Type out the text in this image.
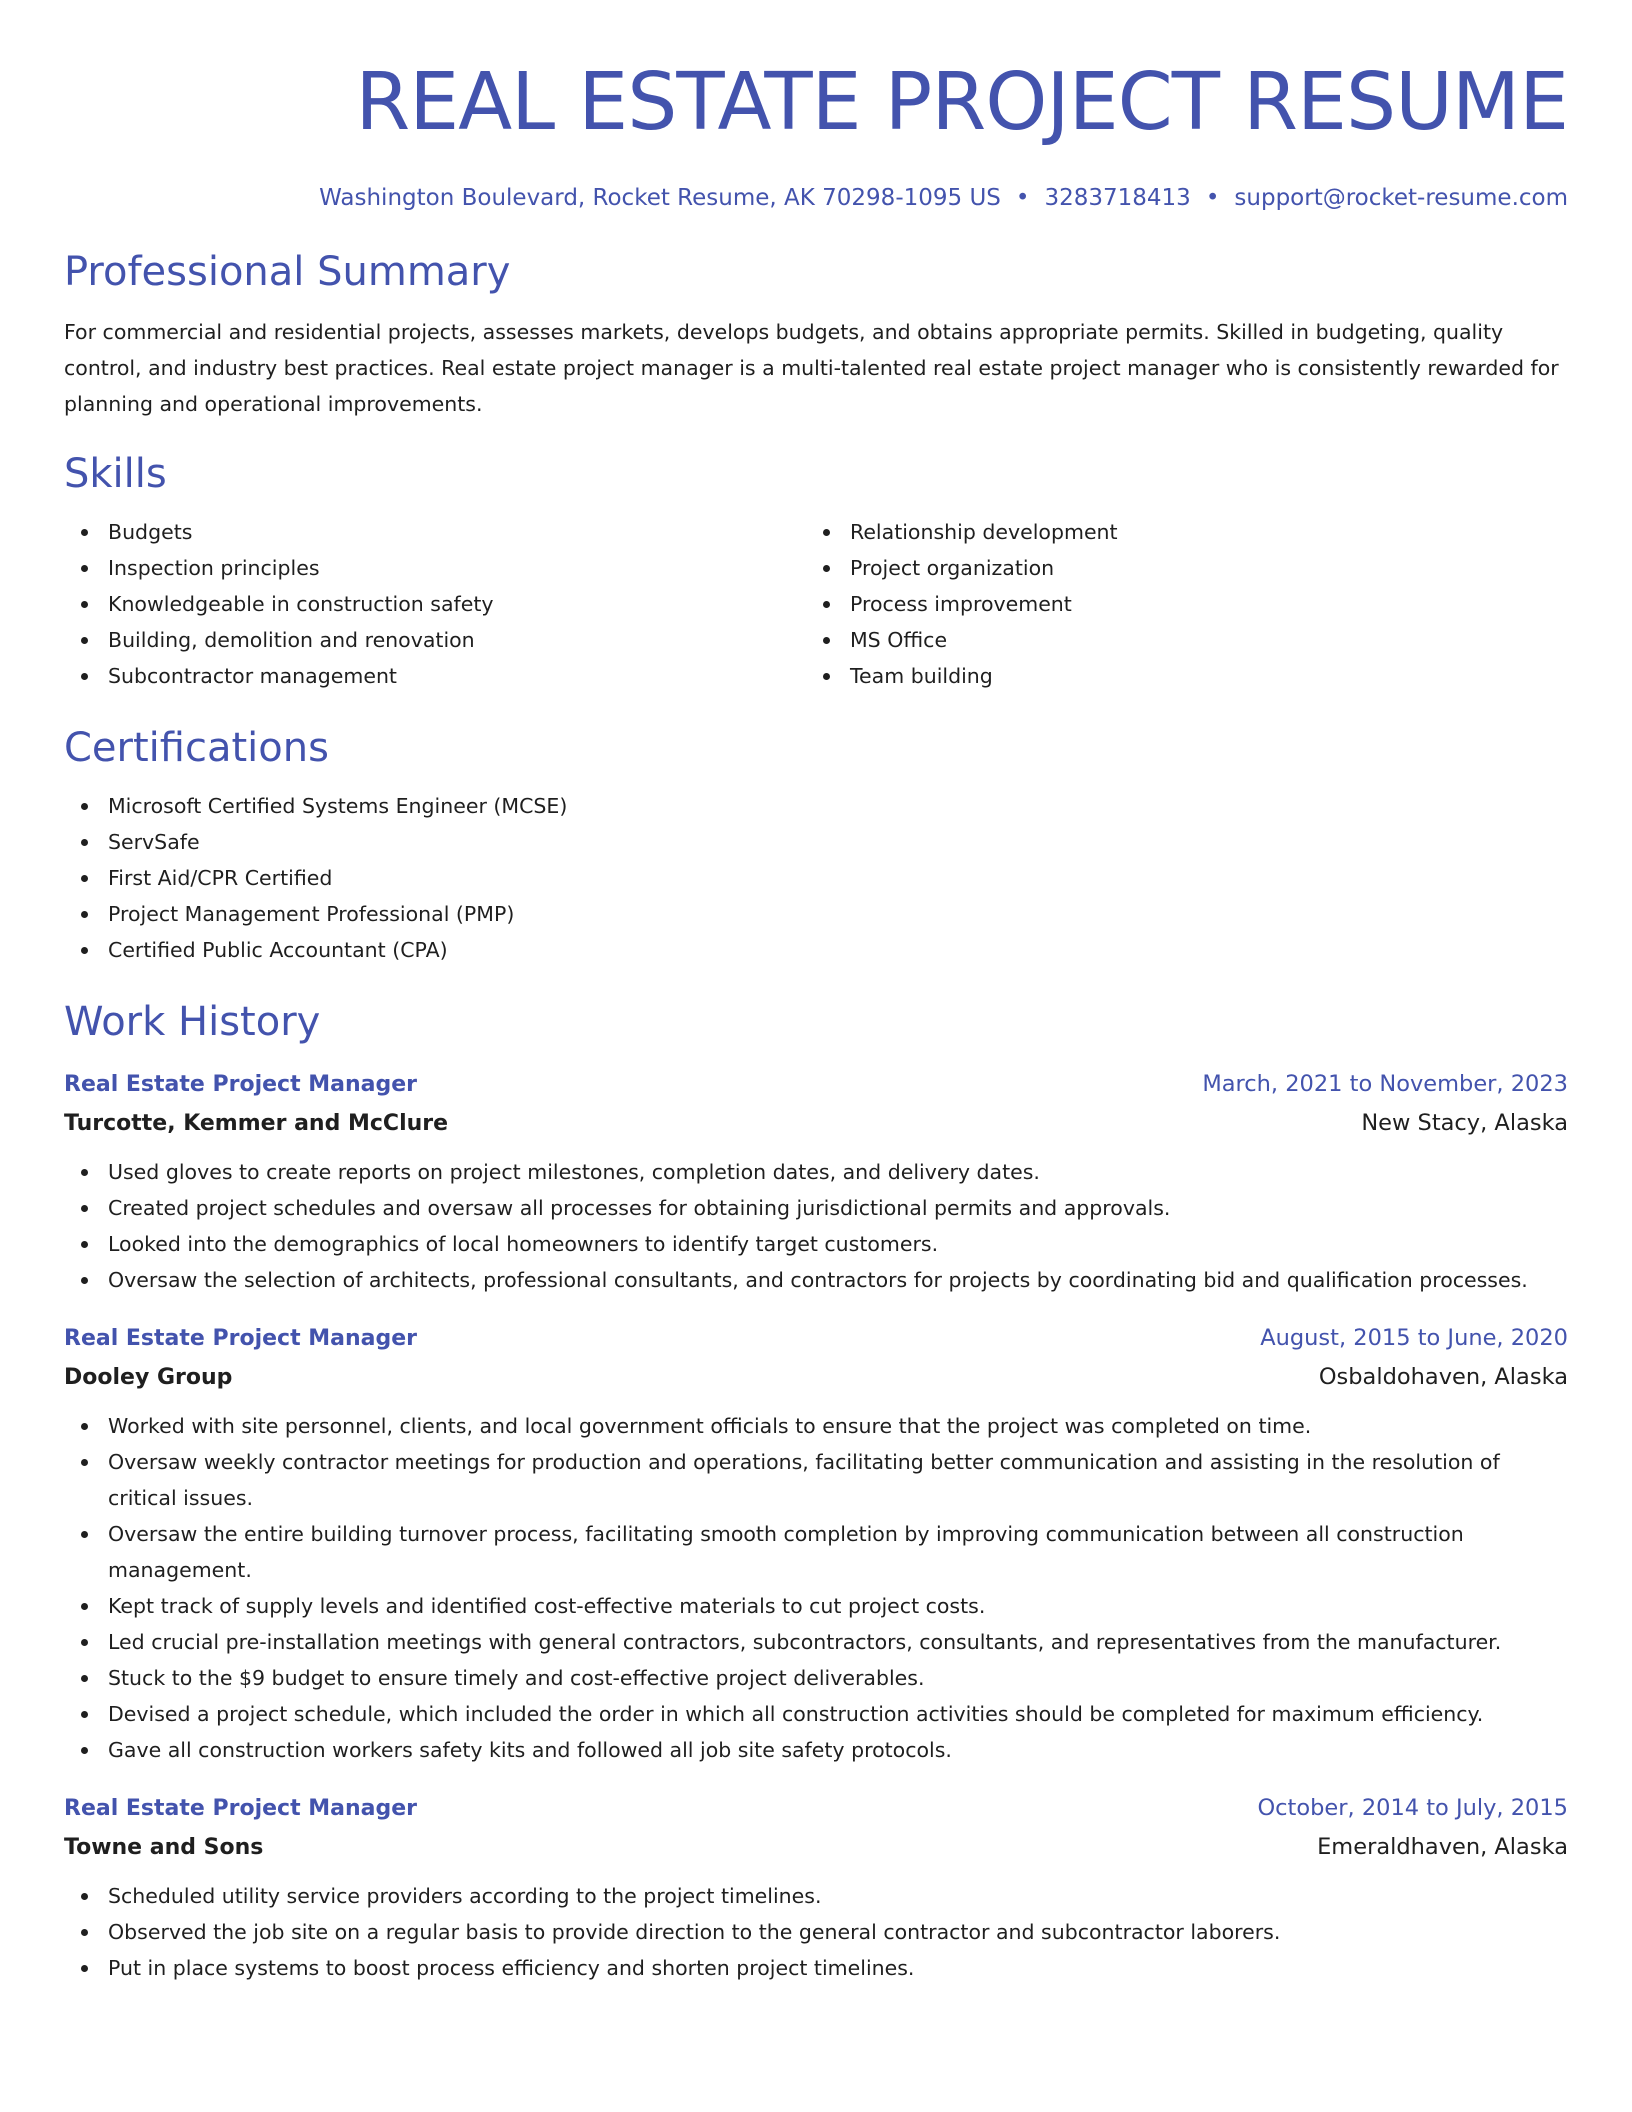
REAL ESTATE PROJECT RESUME
Washington Boulevard, Rocket Resume, AK 70298-1095 US • 3283718413 • support@rocket-resume.com
Professional Summary
For commercial and residential projects, assesses markets, develops budgets, and obtains appropriate permits. Skilled in budgeting, quality control, and industry best practices. Real estate project manager is a multi-talented real estate project manager who is consistently rewarded for planning and operational improvements.
Skills
Budgets
Inspection principles
Knowledgeable in construction safety
Building, demolition and renovation
Subcontractor management
Relationship development
Project organization
Process improvement
MS Office
Team building
Certifications
Microsoft Certified Systems Engineer (MCSE)
ServSafe
First Aid/CPR Certified
Project Management Professional (PMP)
Certified Public Accountant (CPA)
Work History
Real Estate Project Manager	March, 2021 to November, 2023
Turcotte, Kemmer and McClure	New Stacy, Alaska
Used gloves to create reports on project milestones, completion dates, and delivery dates.
Created project schedules and oversaw all processes for obtaining jurisdictional permits and approvals.
Looked into the demographics of local homeowners to identify target customers.
Oversaw the selection of architects, professional consultants, and contractors for projects by coordinating bid and qualification processes.
Real Estate Project Manager	August, 2015 to June, 2020
Dooley Group	Osbaldohaven, Alaska
Worked with site personnel, clients, and local government officials to ensure that the project was completed on time.
Oversaw weekly contractor meetings for production and operations, facilitating better communication and assisting in the resolution of critical issues.
Oversaw the entire building turnover process, facilitating smooth completion by improving communication between all construction management.
Kept track of supply levels and identified cost-effective materials to cut project costs.
Led crucial pre-installation meetings with general contractors, subcontractors, consultants, and representatives from the manufacturer.
Stuck to the $9 budget to ensure timely and cost-effective project deliverables.
Devised a project schedule, which included the order in which all construction activities should be completed for maximum efficiency.
Gave all construction workers safety kits and followed all job site safety protocols.
Real Estate Project Manager	October, 2014 to July, 2015
Towne and Sons	Emeraldhaven, Alaska
Scheduled utility service providers according to the project timelines.
Observed the job site on a regular basis to provide direction to the general contractor and subcontractor laborers.
Put in place systems to boost process efficiency and shorten project timelines.
